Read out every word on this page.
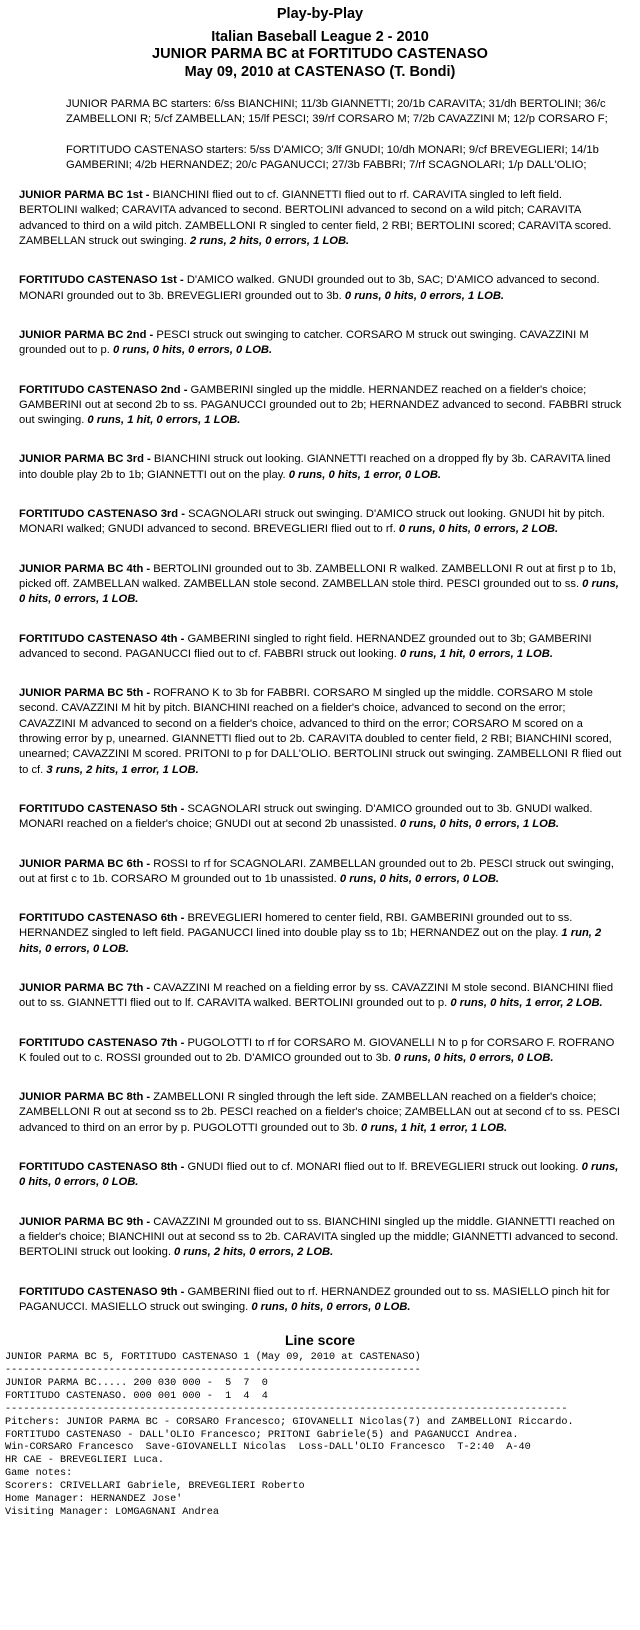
Play-by-Play
Italian Baseball League 2 - 2010
JUNIOR PARMA BC at FORTITUDO CASTENASO
May 09, 2010 at CASTENASO (T. Bondi)

JUNIOR PARMA BC starters: 6/ss BIANCHINI; 11/3b GIANNETTI; 20/1b CARAVITA; 31/dh BERTOLINI; 36/c ZAMBELLONI R; 5/cf ZAMBELLAN; 15/lf PESCI; 39/rf CORSARO M; 7/2b CAVAZZINI M; 12/p CORSARO F;

FORTITUDO CASTENASO starters: 5/ss D'AMICO; 3/lf GNUDI; 10/dh MONARI; 9/cf BREVEGLIERI; 14/1b GAMBERINI; 4/2b HERNANDEZ; 20/c PAGANUCCI; 27/3b FABBRI; 7/rf SCAGNOLARI; 1/p DALL'OLIO;

JUNIOR PARMA BC 1st - BIANCHINI flied out to cf. GIANNETTI flied out to rf. CARAVITA singled to left field. BERTOLINI walked; CARAVITA advanced to second. BERTOLINI advanced to second on a wild pitch; CARAVITA advanced to third on a wild pitch. ZAMBELLONI R singled to center field, 2 RBI; BERTOLINI scored; CARAVITA scored. ZAMBELLAN struck out swinging. 2 runs, 2 hits, 0 errors, 1 LOB.
FORTITUDO CASTENASO 1st - D'AMICO walked. GNUDI grounded out to 3b, SAC; D'AMICO advanced to second. MONARI grounded out to 3b. BREVEGLIERI grounded out to 3b. 0 runs, 0 hits, 0 errors, 1 LOB.
JUNIOR PARMA BC 2nd - PESCI struck out swinging to catcher. CORSARO M struck out swinging. CAVAZZINI M grounded out to p. 0 runs, 0 hits, 0 errors, 0 LOB.
FORTITUDO CASTENASO 2nd - GAMBERINI singled up the middle. HERNANDEZ reached on a fielder's choice; GAMBERINI out at second 2b to ss. PAGANUCCI grounded out to 2b; HERNANDEZ advanced to second. FABBRI struck out swinging. 0 runs, 1 hit, 0 errors, 1 LOB.
JUNIOR PARMA BC 3rd - BIANCHINI struck out looking. GIANNETTI reached on a dropped fly by 3b. CARAVITA lined into double play 2b to 1b; GIANNETTI out on the play. 0 runs, 0 hits, 1 error, 0 LOB.
FORTITUDO CASTENASO 3rd - SCAGNOLARI struck out swinging. D'AMICO struck out looking. GNUDI hit by pitch. MONARI walked; GNUDI advanced to second. BREVEGLIERI flied out to rf. 0 runs, 0 hits, 0 errors, 2 LOB.
JUNIOR PARMA BC 4th - BERTOLINI grounded out to 3b. ZAMBELLONI R walked. ZAMBELLONI R out at first p to 1b, picked off. ZAMBELLAN walked. ZAMBELLAN stole second. ZAMBELLAN stole third. PESCI grounded out to ss. 0 runs, 0 hits, 0 errors, 1 LOB.
FORTITUDO CASTENASO 4th - GAMBERINI singled to right field. HERNANDEZ grounded out to 3b; GAMBERINI advanced to second. PAGANUCCI flied out to cf. FABBRI struck out looking. 0 runs, 1 hit, 0 errors, 1 LOB.
JUNIOR PARMA BC 5th - ROFRANO K to 3b for FABBRI. CORSARO M singled up the middle. CORSARO M stole second. CAVAZZINI M hit by pitch. BIANCHINI reached on a fielder's choice, advanced to second on the error; CAVAZZINI M advanced to second on a fielder's choice, advanced to third on the error; CORSARO M scored on a throwing error by p, unearned. GIANNETTI flied out to 2b. CARAVITA doubled to center field, 2 RBI; BIANCHINI scored, unearned; CAVAZZINI M scored. PRITONI to p for DALL'OLIO. BERTOLINI struck out swinging. ZAMBELLONI R flied out to cf. 3 runs, 2 hits, 1 error, 1 LOB.
FORTITUDO CASTENASO 5th - SCAGNOLARI struck out swinging. D'AMICO grounded out to 3b. GNUDI walked. MONARI reached on a fielder's choice; GNUDI out at second 2b unassisted. 0 runs, 0 hits, 0 errors, 1 LOB.
JUNIOR PARMA BC 6th - ROSSI to rf for SCAGNOLARI. ZAMBELLAN grounded out to 2b. PESCI struck out swinging, out at first c to 1b. CORSARO M grounded out to 1b unassisted. 0 runs, 0 hits, 0 errors, 0 LOB.
FORTITUDO CASTENASO 6th - BREVEGLIERI homered to center field, RBI. GAMBERINI grounded out to ss. HERNANDEZ singled to left field. PAGANUCCI lined into double play ss to 1b; HERNANDEZ out on the play. 1 run, 2 hits, 0 errors, 0 LOB.
JUNIOR PARMA BC 7th - CAVAZZINI M reached on a fielding error by ss. CAVAZZINI M stole second. BIANCHINI flied out to ss. GIANNETTI flied out to lf. CARAVITA walked. BERTOLINI grounded out to p. 0 runs, 0 hits, 1 error, 2 LOB.
FORTITUDO CASTENASO 7th - PUGOLOTTI to rf for CORSARO M. GIOVANELLI N to p for CORSARO F. ROFRANO K fouled out to c. ROSSI grounded out to 2b. D'AMICO grounded out to 3b. 0 runs, 0 hits, 0 errors, 0 LOB.
JUNIOR PARMA BC 8th - ZAMBELLONI R singled through the left side. ZAMBELLAN reached on a fielder's choice; ZAMBELLONI R out at second ss to 2b. PESCI reached on a fielder's choice; ZAMBELLAN out at second cf to ss. PESCI advanced to third on an error by p. PUGOLOTTI grounded out to 3b. 0 runs, 1 hit, 1 error, 1 LOB.
FORTITUDO CASTENASO 8th - GNUDI flied out to cf. MONARI flied out to lf. BREVEGLIERI struck out looking. 0 runs, 0 hits, 0 errors, 0 LOB.
JUNIOR PARMA BC 9th - CAVAZZINI M grounded out to ss. BIANCHINI singled up the middle. GIANNETTI reached on a fielder's choice; BIANCHINI out at second ss to 2b. CARAVITA singled up the middle; GIANNETTI advanced to second. BERTOLINI struck out looking. 0 runs, 2 hits, 0 errors, 2 LOB.
FORTITUDO CASTENASO 9th - GAMBERINI flied out to rf. HERNANDEZ grounded out to ss. MASIELLO pinch hit for PAGANUCCI. MASIELLO struck out swinging. 0 runs, 0 hits, 0 errors, 0 LOB.
Line score
JUNIOR PARMA BC 5, FORTITUDO CASTENASO 1 (May 09, 2010 at CASTENASO)
--------------------------------------------------------------------
JUNIOR PARMA BC..... 200 030 000 -  5  7  0
FORTITUDO CASTENASO. 000 001 000 -  1  4  4
--------------------------------------------------------------------------------------------
Pitchers: JUNIOR PARMA BC - CORSARO Francesco; GIOVANELLI Nicolas(7) and ZAMBELLONI Riccardo.
FORTITUDO CASTENASO - DALL'OLIO Francesco; PRITONI Gabriele(5) and PAGANUCCI Andrea.
Win-CORSARO Francesco  Save-GIOVANELLI Nicolas  Loss-DALL'OLIO Francesco  T-2:40  A-40
HR CAE - BREVEGLIERI Luca.
Game notes:
Scorers: CRIVELLARI Gabriele, BREVEGLIERI Roberto
Home Manager: HERNANDEZ Jose'
Visiting Manager: LOMGAGNANI Andrea
